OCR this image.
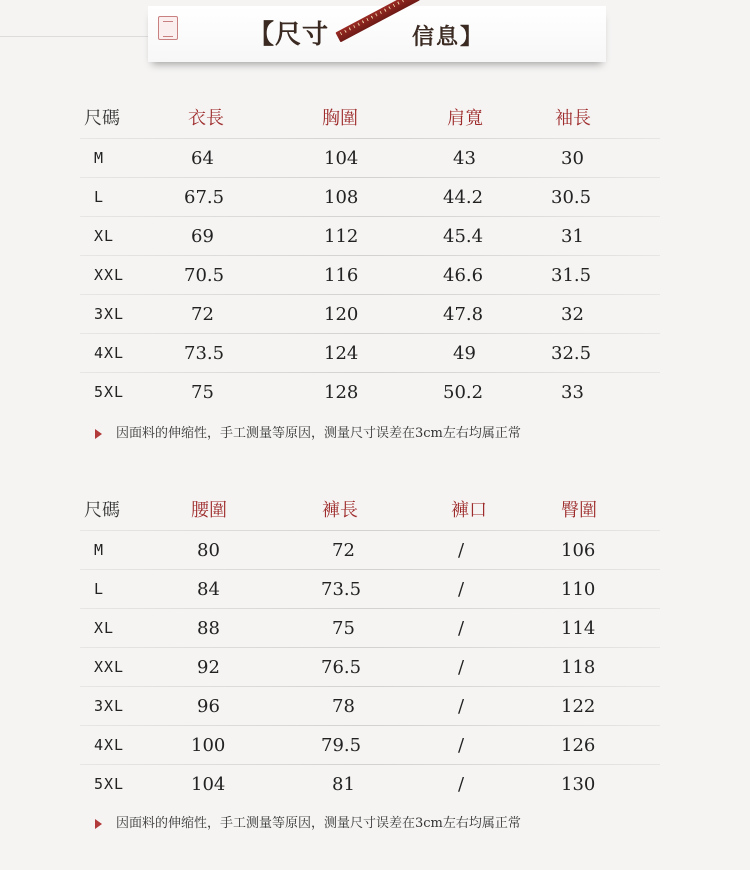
【尺寸	信息】
尺碼	衣長	胸圍	肩寬	袖長
M	64	104	43	30
L	67.5	108	44.2	30.5
XL	69	112	45.4	31
XXL	70.5	116	46.6	31.5
3XL	72	120	47.8	32
4XL	73.5	124	49	32.5
5XL	75	128	50.2	33
因面料的伸缩性，手工测量等原因，测量尺寸误差在3cm左右均属正常
尺碼	腰圍	褲長	褲口	臀圍
M	80	72	/	106
L	84	73.5	/	110
XL	88	75	/	114
XXL	92	76.5	/	118
3XL	96	78	/	122
4XL	100	79.5	/	126
5XL	104	81	/	130
因面料的伸缩性，手工测量等原因，测量尺寸误差在3cm左右均属正常
